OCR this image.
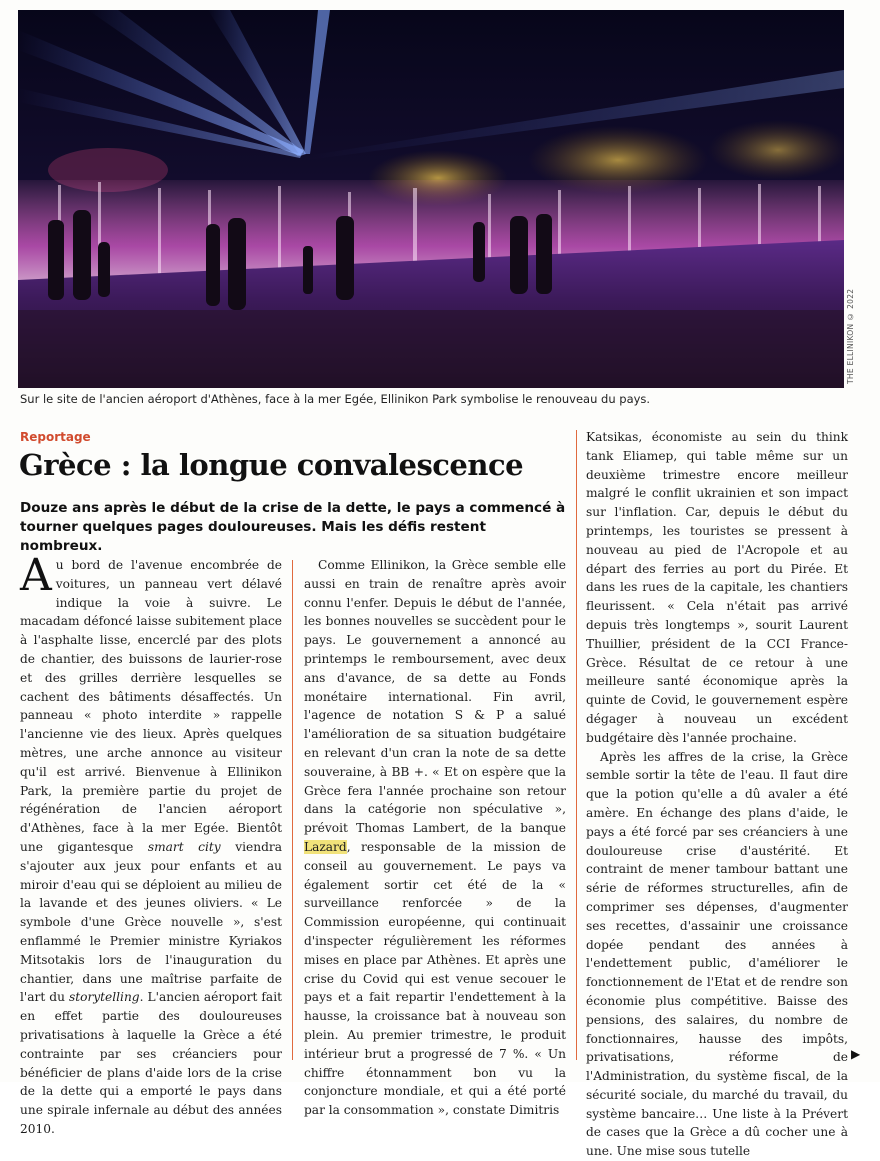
THE ELLINIKON © 2022
Sur le site de l'ancien aéroport d'Athènes, face à la mer Egée, Ellinikon Park symbolise le renouveau du pays.
Reportage
Grèce : la longue convalescence
Douze ans après le début de la crise de la dette, le pays a commencé à tourner quelques pages douloureuses. Mais les défis restent nombreux.

Au bord de l'avenue encombrée de voitures, un panneau vert délavé indique la voie à suivre. Le macadam défoncé laisse subitement place à l'asphalte lisse, encerclé par des plots de chantier, des buissons de laurier-rose et des grilles derrière lesquelles se cachent des bâtiments désaffectés. Un panneau « photo interdite » rappelle l'ancienne vie des lieux. Après quelques mètres, une arche annonce au visiteur qu'il est arrivé. Bienvenue à Ellinikon Park, la première partie du projet de régénération de l'ancien aéroport d'Athènes, face à la mer Egée. Bientôt une gigantesque smart city viendra s'ajouter aux jeux pour enfants et au miroir d'eau qui se déploient au milieu de la lavande et des jeunes oliviers. « Le symbole d'une Grèce nouvelle », s'est enflammé le Premier ministre Kyriakos Mitsotakis lors de l'inauguration du chantier, dans une maîtrise parfaite de l'art du storytelling. L'ancien aéroport fait en effet partie des douloureuses privatisations à laquelle la Grèce a été contrainte par ses créanciers pour bénéficier de plans d'aide lors de la crise de la dette qui a emporté le pays dans une spirale infernale au début des années 2010.

Comme Ellinikon, la Grèce semble elle aussi en train de renaître après avoir connu l'enfer. Depuis le début de l'année, les bonnes nouvelles se succèdent pour le pays. Le gouvernement a annoncé au printemps le remboursement, avec deux ans d'avance, de sa dette au Fonds monétaire international. Fin avril, l'agence de notation S & P a salué l'amélioration de sa situation budgétaire en relevant d'un cran la note de sa dette souveraine, à BB +. « Et on espère que la Grèce fera l'année prochaine son retour dans la catégorie non spéculative », prévoit Thomas Lambert, de la banque Lazard, responsable de la mission de conseil au gouvernement. Le pays va également sortir cet été de la « surveillance renforcée » de la Commission européenne, qui continuait d'inspecter régulièrement les réformes mises en place par Athènes. Et après une crise du Covid qui est venue secouer le pays et a fait repartir l'endettement à la hausse, la croissance bat à nouveau son plein. Au premier trimestre, le produit intérieur brut a progressé de 7 %. « Un chiffre étonnamment bon vu la conjoncture mondiale, et qui a été porté par la consommation », constate Dimitris

Katsikas, économiste au sein du think tank Eliamep, qui table même sur un deuxième trimestre encore meilleur malgré le conflit ukrainien et son impact sur l'inflation. Car, depuis le début du printemps, les touristes se pressent à nouveau au pied de l'Acropole et au départ des ferries au port du Pirée. Et dans les rues de la capitale, les chantiers fleurissent. « Cela n'était pas arrivé depuis très longtemps », sourit Laurent Thuillier, président de la CCI France-Grèce. Résultat de ce retour à une meilleure santé économique après la quinte de Covid, le gouvernement espère dégager à nouveau un excédent budgétaire dès l'année prochaine.

Après les affres de la crise, la Grèce semble sortir la tête de l'eau. Il faut dire que la potion qu'elle a dû avaler a été amère. En échange des plans d'aide, le pays a été forcé par ses créanciers à une douloureuse crise d'austérité. Et contraint de mener tambour battant une série de réformes structurelles, afin de comprimer ses dépenses, d'augmenter ses recettes, d'assainir une croissance dopée pendant des années à l'endettement public, d'améliorer le fonctionnement de l'Etat et de rendre son économie plus compétitive. Baisse des pensions, des salaires, du nombre de fonctionnaires, hausse des impôts, privatisations, réforme de l'Administration, du système fiscal, de la sécurité sociale, du marché du travail, du système bancaire… Une liste à la Prévert de cases que la Grèce a dû cocher une à une. Une mise sous tutelle

▶
